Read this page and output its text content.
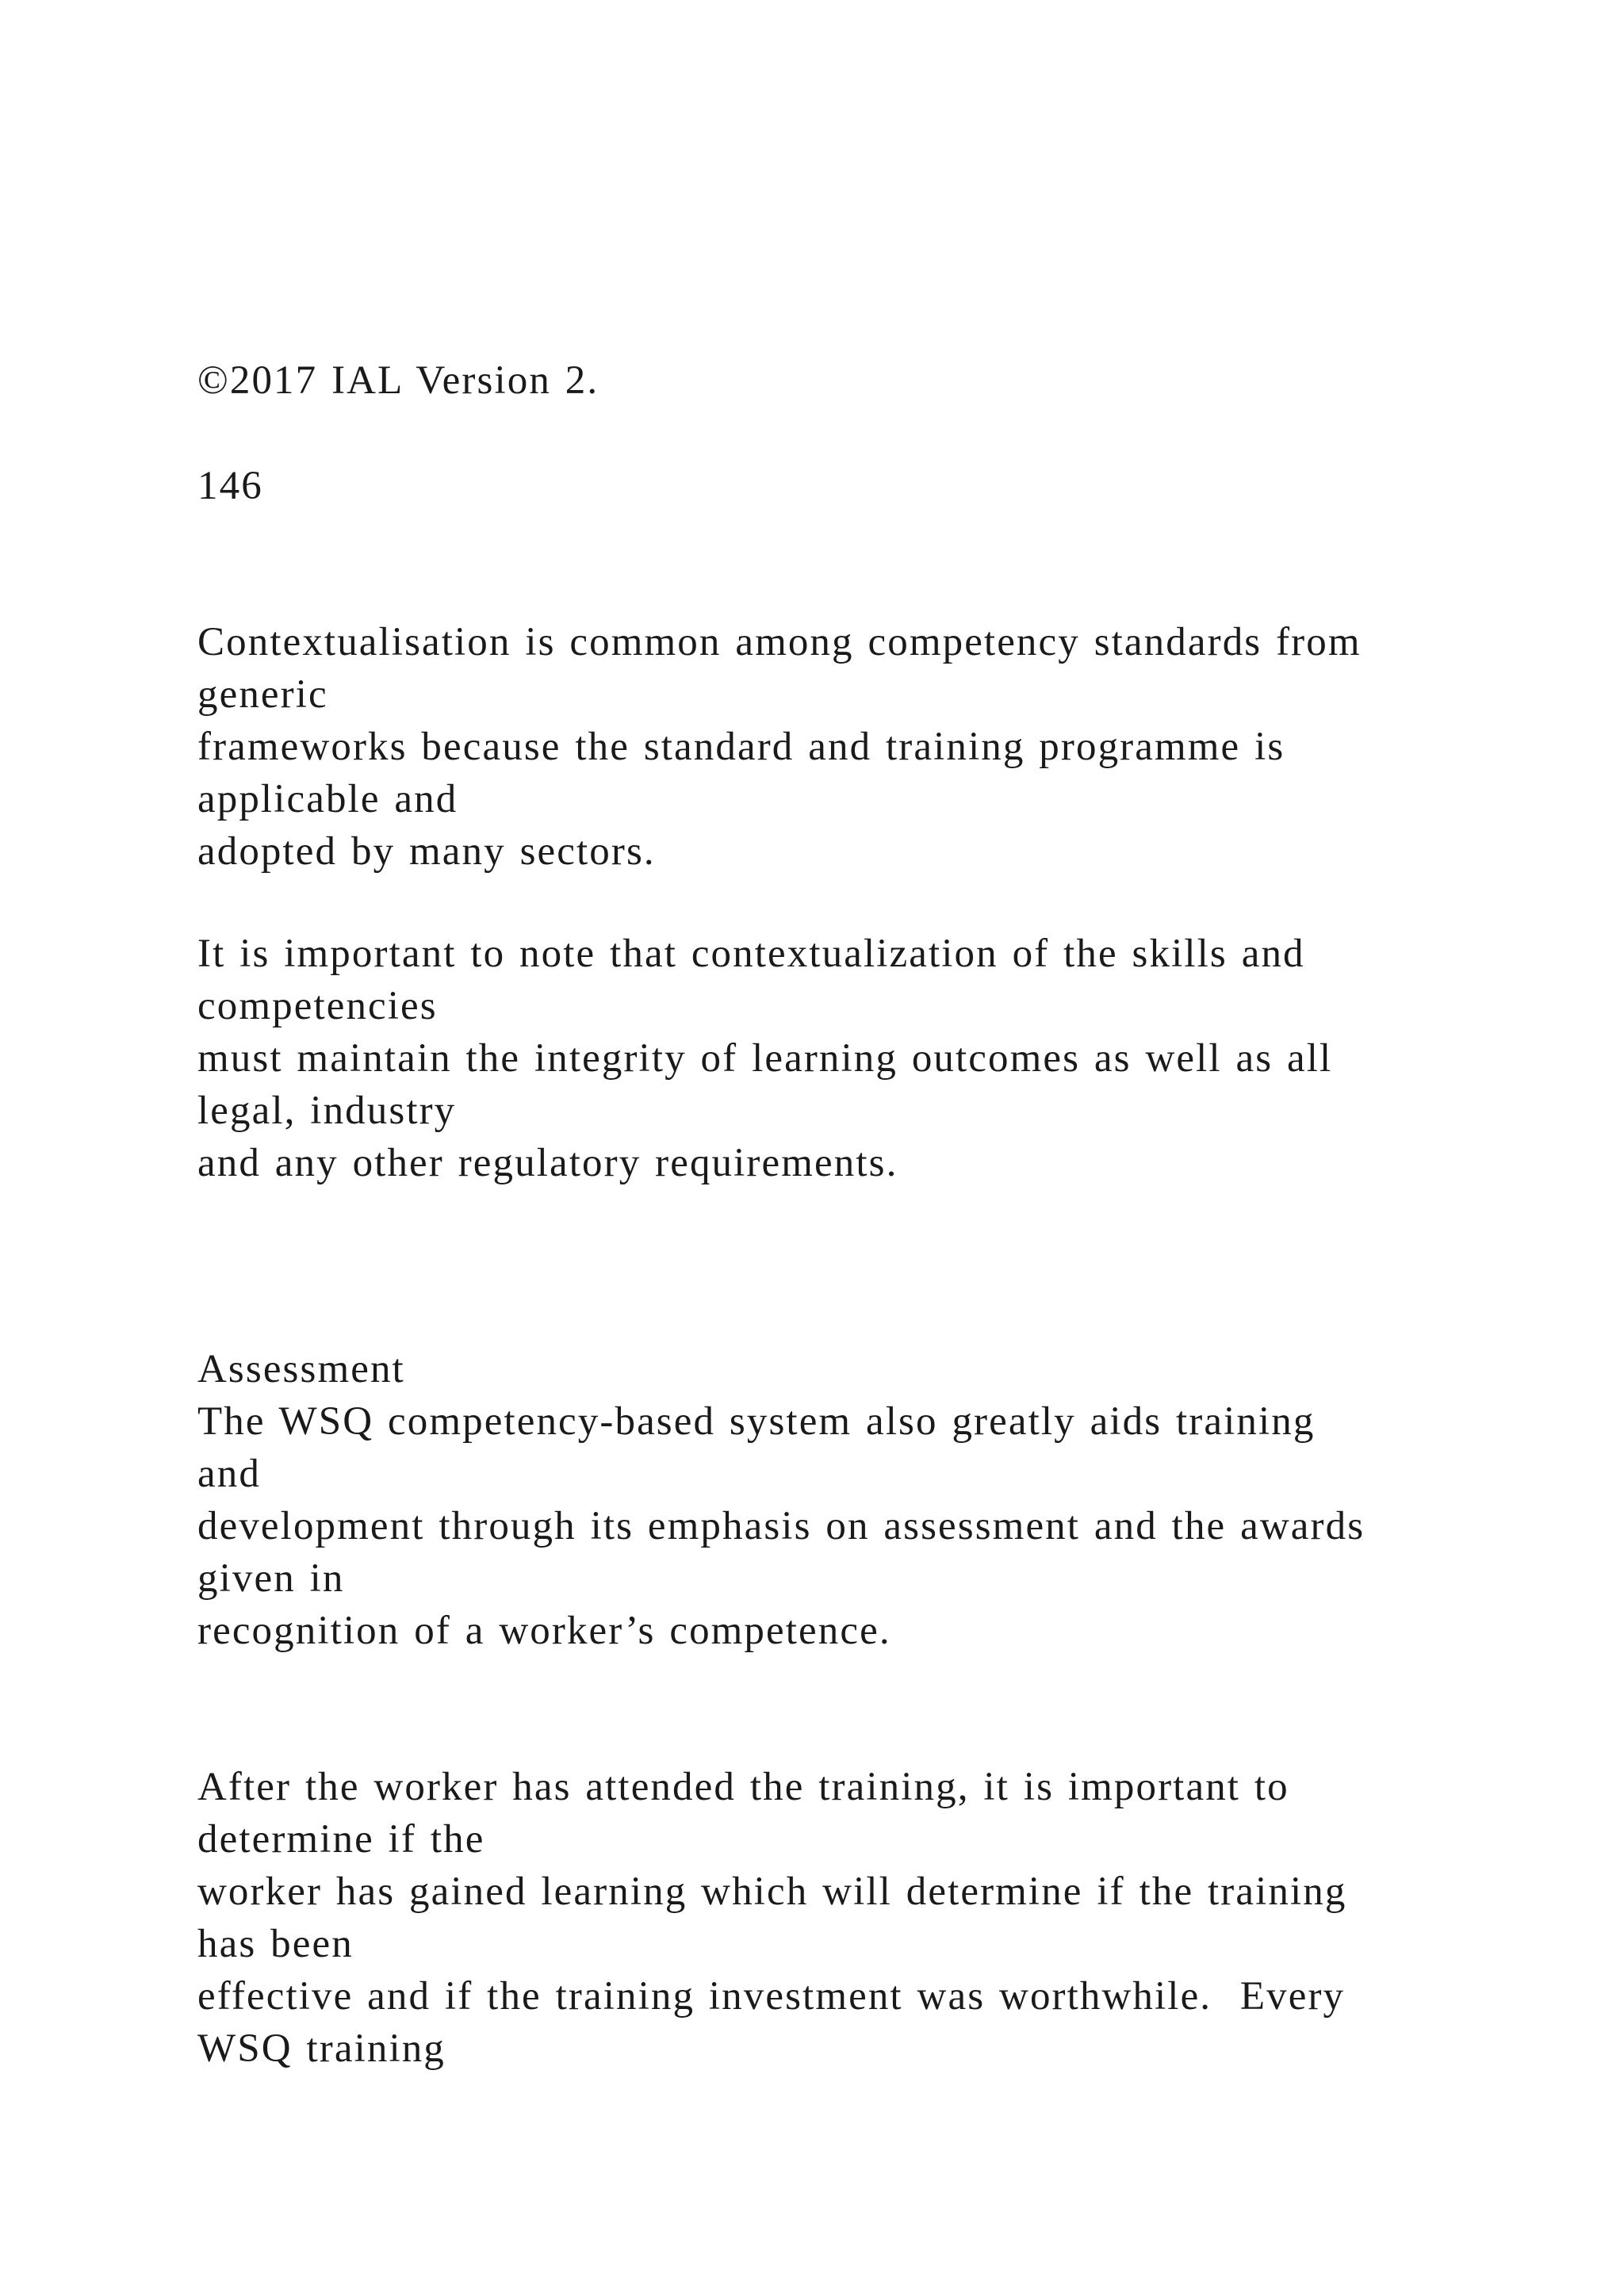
©2017 IAL Version 2.

146

Contextualisation is common among competency standards from

generic

frameworks because the standard and training programme is

applicable and

adopted by many sectors.

It is important to note that contextualization of the skills and

competencies

must maintain the integrity of learning outcomes as well as all

legal, industry

and any other regulatory requirements.

Assessment

The WSQ competency-based system also greatly aids training

and

development through its emphasis on assessment and the awards

given in

recognition of a worker’s competence.

After the worker has attended the training, it is important to

determine if the

worker has gained learning which will determine if the training

has been

effective and if the training investment was worthwhile.  Every

WSQ training
